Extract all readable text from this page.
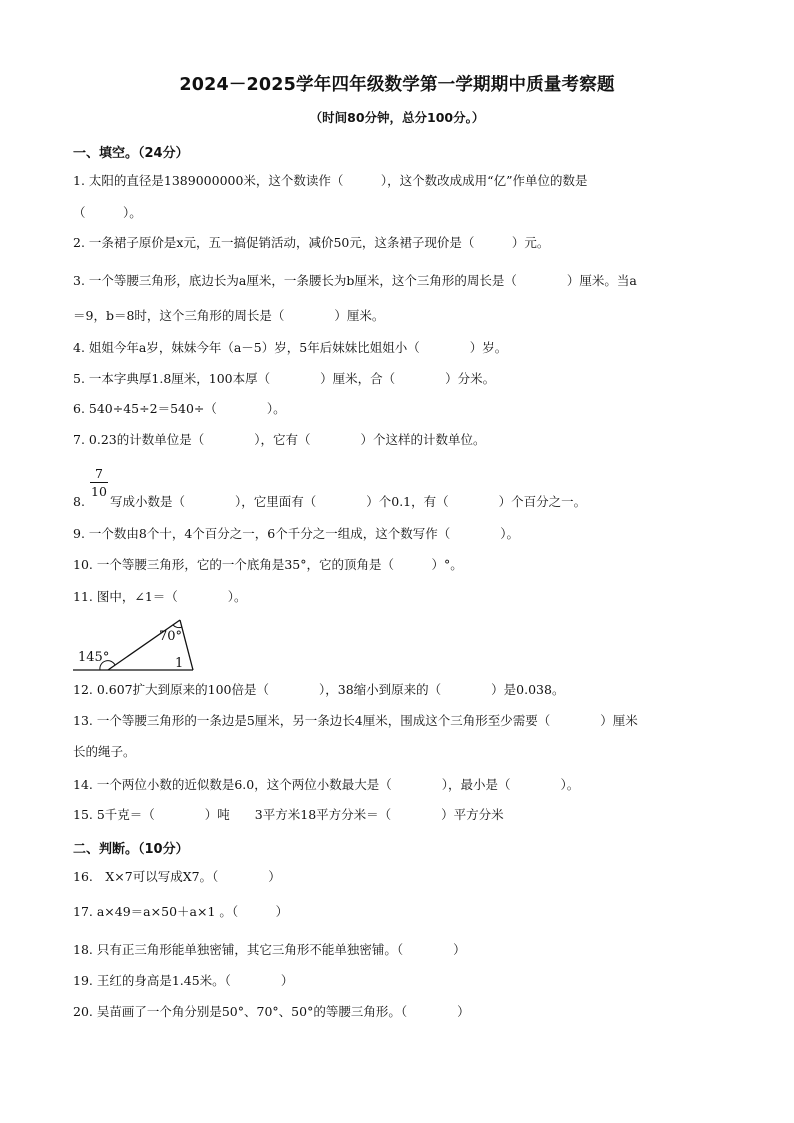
2024－2025学年四年级数学第一学期期中质量考察题
（时间80分钟，总分100分。）
一、填空。（24分）
1. 太阳的直径是1389000000米，这个数读作（　　　），这个数改成成用“亿”作单位的数是
（　　　）。
2. 一条裙子原价是x元，五一搞促销活动，减价50元，这条裙子现价是（　　　）元。
3. 一个等腰三角形，底边长为a厘米，一条腰长为b厘米，这个三角形的周长是（　　　　）厘米。当a
＝9，b＝8时，这个三角形的周长是（　　　　）厘米。
4. 姐姐今年a岁，妹妹今年（a－5）岁，5年后妹妹比姐姐小（　　　　）岁。
5. 一本字典厚1.8厘米，100本厚（　　　　）厘米，合（　　　　）分米。
6. 540÷45÷2＝540÷（　　　　）。
7. 0.23的计数单位是（　　　　），它有（　　　　）个这样的计数单位。
7
10
8. 写成小数是（　　　　），它里面有（　　　　）个0.1，有（　　　　）个百分之一。
9. 一个数由8个十，4个百分之一，6个千分之一组成，这个数写作（　　　　）。
10. 一个等腰三角形，它的一个底角是35°，它的顶角是（　　　）°。
11. 图中，∠1＝（　　　　）。
145°
70°
1
12. 0.607扩大到原来的100倍是（　　　　），38缩小到原来的（　　　　）是0.038。
13. 一个等腰三角形的一条边是5厘米，另一条边长4厘米，围成这个三角形至少需要（　　　　）厘米
长的绳子。
14. 一个两位小数的近似数是6.0，这个两位小数最大是（　　　　），最小是（　　　　）。
15. 5千克＝（　　　　）吨　　3平方米18平方分米＝（　　　　）平方分米
二、判断。（10分）
16.　X×7可以写成X7。（　　　　）
17. a×49＝a×50＋a×1 。（　　　）
18. 只有正三角形能单独密铺，其它三角形不能单独密铺。（　　　　）
19. 王红的身高是1.45米。（　　　　）
20. 吴苗画了一个角分别是50°、70°、50°的等腰三角形。（　　　　）
